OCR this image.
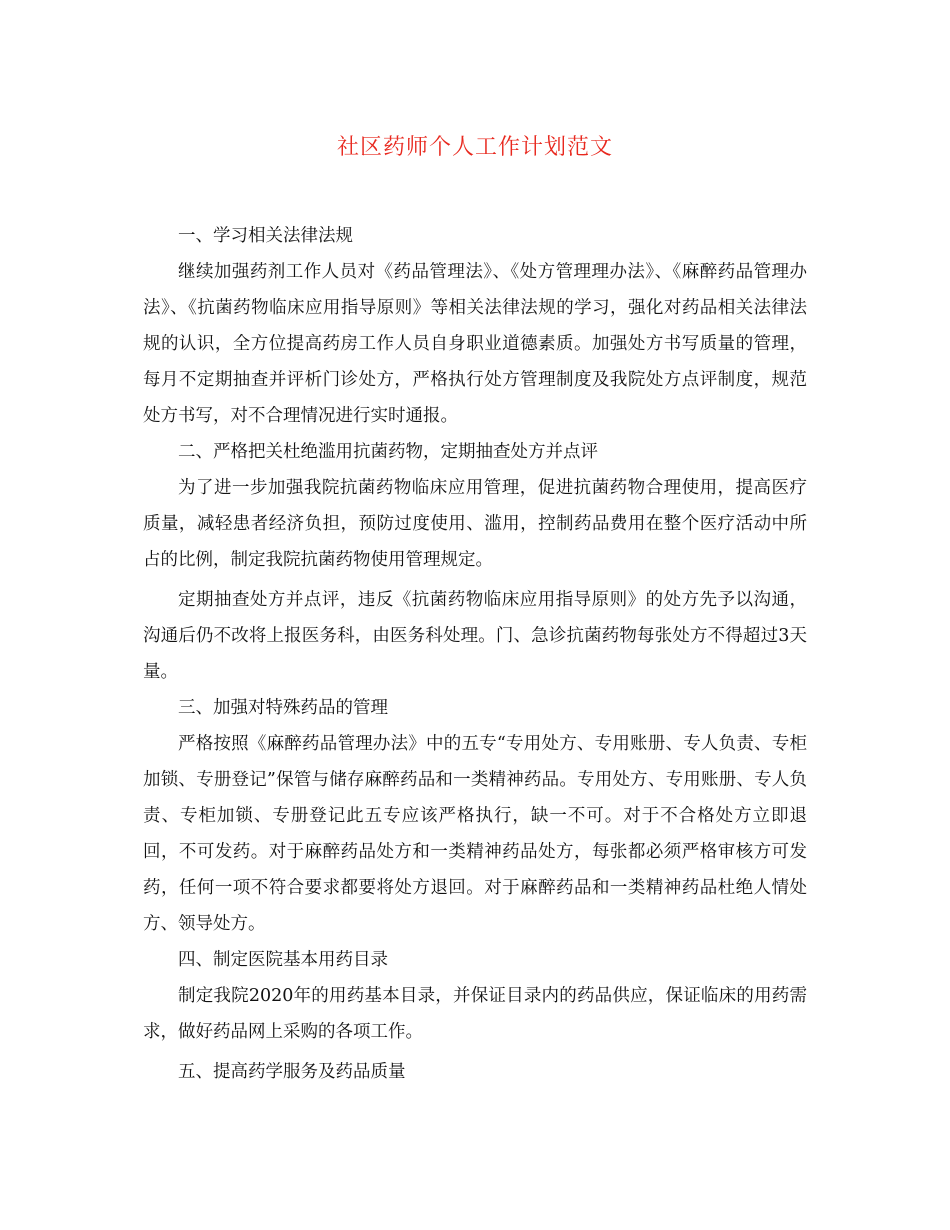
社区药师个人工作计划范文

一、学习相关法律法规

继续加强药剂工作人员对《药品管理法》、《处方管理理办法》、《麻醉药品管理办法》、《抗菌药物临床应用指导原则》等相关法律法规的学习，强化对药品相关法律法规的认识，全方位提高药房工作人员自身职业道德素质。加强处方书写质量的管理，每月不定期抽查并评析门诊处方，严格执行处方管理制度及我院处方点评制度，规范处方书写，对不合理情况进行实时通报。

二、严格把关杜绝滥用抗菌药物，定期抽查处方并点评

为了进一步加强我院抗菌药物临床应用管理，促进抗菌药物合理使用，提高医疗质量，减轻患者经济负担，预防过度使用、滥用，控制药品费用在整个医疗活动中所占的比例，制定我院抗菌药物使用管理规定。

定期抽查处方并点评，违反《抗菌药物临床应用指导原则》的处方先予以沟通，沟通后仍不改将上报医务科，由医务科处理。门、急诊抗菌药物每张处方不得超过3天量。

三、加强对特殊药品的管理

严格按照《麻醉药品管理办法》中的五专“专用处方、专用账册、专人负责、专柜加锁、专册登记”保管与储存麻醉药品和一类精神药品。专用处方、专用账册、专人负责、专柜加锁、专册登记此五专应该严格执行，缺一不可。对于不合格处方立即退回，不可发药。对于麻醉药品处方和一类精神药品处方，每张都必须严格审核方可发药，任何一项不符合要求都要将处方退回。对于麻醉药品和一类精神药品杜绝人情处方、领导处方。

四、制定医院基本用药目录

制定我院2020年的用药基本目录，并保证目录内的药品供应，保证临床的用药需求，做好药品网上采购的各项工作。

五、提高药学服务及药品质量
